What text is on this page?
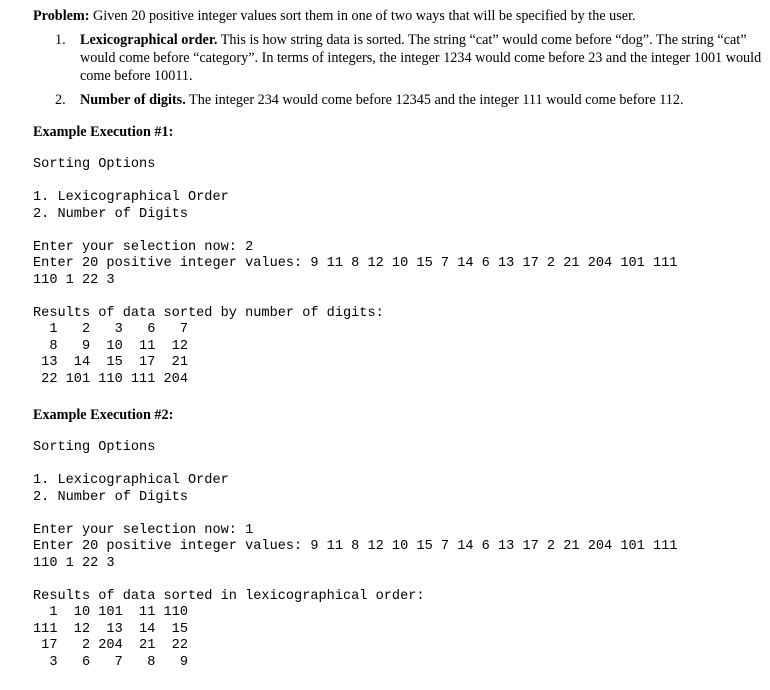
Problem: Given 20 positive integer values sort them in one of two ways that will be specified by the user.

1. Lexicographical order. This is how string data is sorted. The string “cat” would come before “dog”. The string “cat” would come before “category”. In terms of integers, the integer 1234 would come before 23 and the integer 1001 would come before 10011.
2. Number of digits. The integer 234 would come before 12345 and the integer 111 would come before 112.

Example Execution #1:

Sorting Options
1. Lexicographical Order
2. Number of Digits
Enter your selection now: 2
Enter 20 positive integer values: 9 11 8 12 10 15 7 14 6 13 17 2 21 204 101 111
110 1 22 3
Results of data sorted by number of digits:
1   2   3   6   7
8   9  10  11  12
13  14  15  17  21
22 101 110 111 204

Example Execution #2:

Sorting Options
1. Lexicographical Order
2. Number of Digits
Enter your selection now: 1
Enter 20 positive integer values: 9 11 8 12 10 15 7 14 6 13 17 2 21 204 101 111
110 1 22 3
Results of data sorted in lexicographical order:
1  10 101  11 110
111  12  13  14  15
17   2 204  21  22
3   6   7   8   9
